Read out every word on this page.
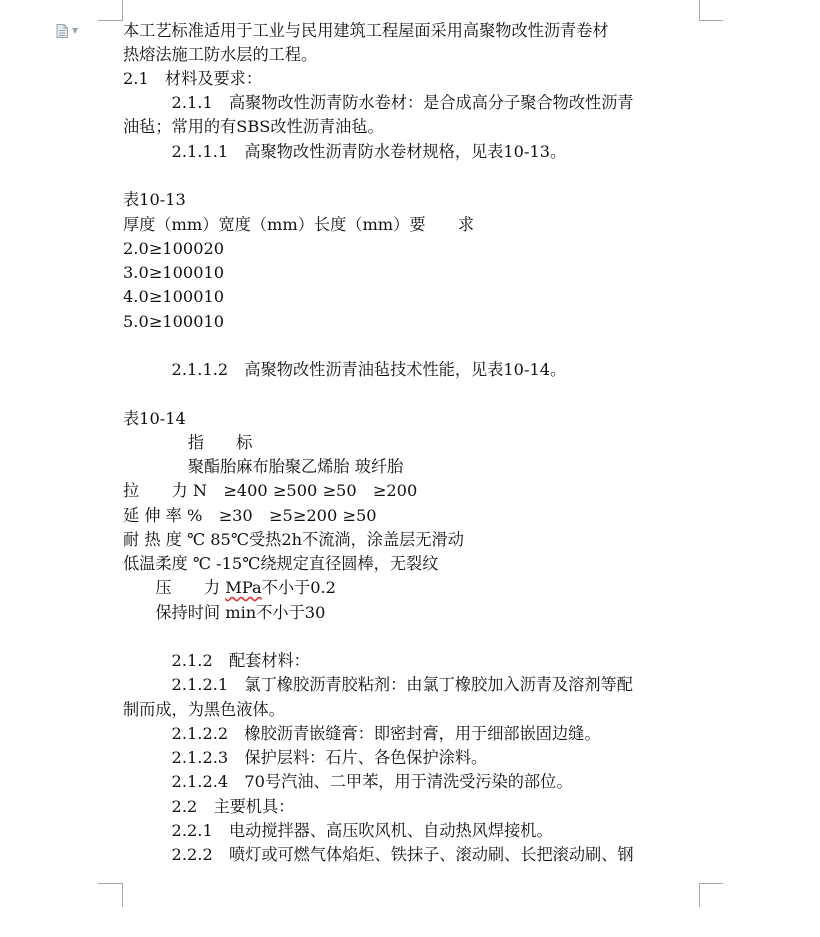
▼	本工艺标准适用于工业与民用建筑工程屋面采用高聚物改性沥青卷材
热熔法施工防水层的工程。
2.1　材料及要求：
　　　2.1.1　高聚物改性沥青防水卷材：是合成高分子聚合物改性沥青
油毡；常用的有SBS改性沥青油毡。
　　　2.1.1.1　高聚物改性沥青防水卷材规格，见表10-13。
表10-13
厚度（mm）宽度（mm）长度（mm）要　　求
2.0≥100020
3.0≥100010
4.0≥100010
5.0≥100010
　　　2.1.1.2　高聚物改性沥青油毡技术性能，见表10-14。
表10-14
　　　　指　　标
　　　　聚酯胎麻布胎聚乙烯胎 玻纤胎
拉　　力 N　≥400 ≥500 ≥50　≥200
延 伸 率 %　≥30　≥5≥200 ≥50
耐 热 度 ℃ 85℃受热2h不流淌，涂盖层无滑动
低温柔度 ℃ -15℃绕规定直径圆棒，无裂纹
　　压　　力 MPa不小于0.2
　　保持时间 min不小于30
　　　2.1.2　配套材料：
　　　2.1.2.1　氯丁橡胶沥青胶粘剂：由氯丁橡胶加入沥青及溶剂等配
制而成，为黑色液体。
　　　2.1.2.2　橡胶沥青嵌缝膏：即密封膏，用于细部嵌固边缝。
　　　2.1.2.3　保护层料：石片、各色保护涂料。
　　　2.1.2.4　70号汽油、二甲苯，用于清洗受污染的部位。
　　　2.2　主要机具：
　　　2.2.1　电动搅拌器、高压吹风机、自动热风焊接机。
　　　2.2.2　喷灯或可燃气体焰炬、铁抹子、滚动刷、长把滚动刷、钢
